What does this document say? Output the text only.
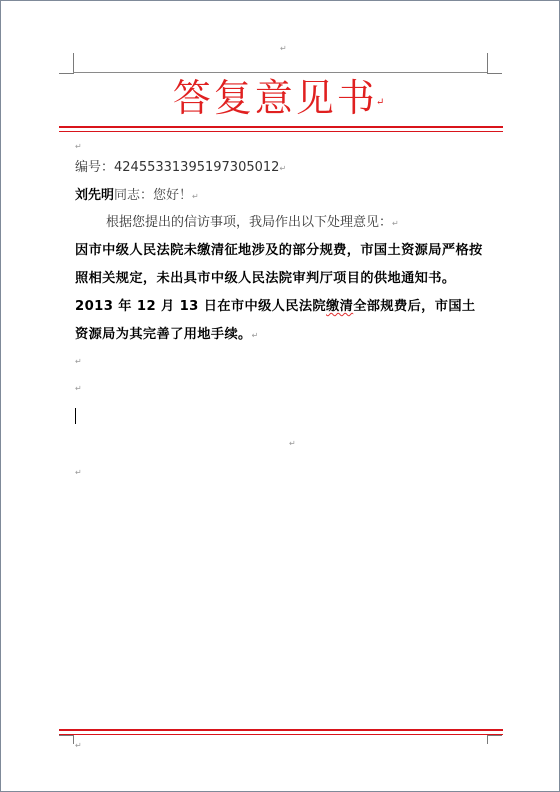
↵
答复意见书↵
↵
编号：42455331395197305012↵
刘先明同志：您好！↵
根据您提出的信访事项，我局作出以下处理意见：↵
因市中级人民法院未缴清征地涉及的部分规费，市国土资源局严格按照相关规定，未出具市中级人民法院审判厅项目的供地通知书。2013 年 12 月 13 日在市中级人民法院缴清全部规费后，市国土资源局为其完善了用地手续。↵
↵
↵
↵
↵
↵
